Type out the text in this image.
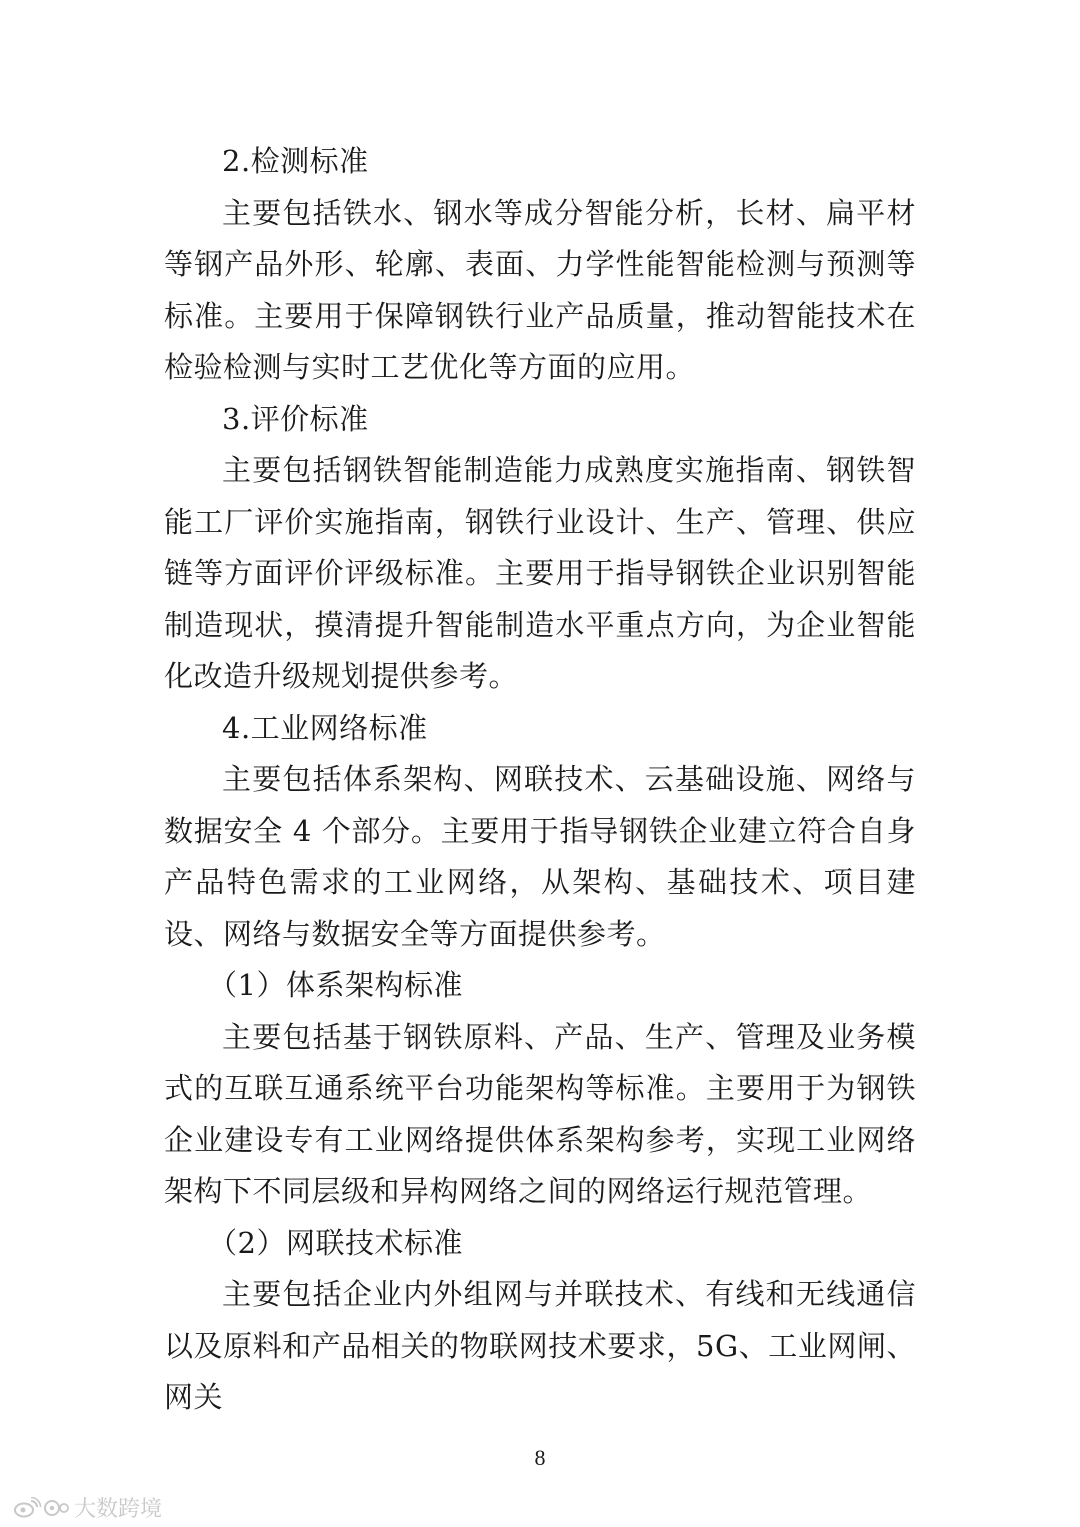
2.检测标准

主要包括铁水、钢水等成分智能分析，长材、扁平材等钢产品外形、轮廓、表面、力学性能智能检测与预测等标准。主要用于保障钢铁行业产品质量，推动智能技术在检验检测与实时工艺优化等方面的应用。

3.评价标准

主要包括钢铁智能制造能力成熟度实施指南、钢铁智能工厂评价实施指南，钢铁行业设计、生产、管理、供应链等方面评价评级标准。主要用于指导钢铁企业识别智能制造现状，摸清提升智能制造水平重点方向，为企业智能化改造升级规划提供参考。

4.工业网络标准

主要包括体系架构、网联技术、云基础设施、网络与数据安全 4 个部分。主要用于指导钢铁企业建立符合自身产品特色需求的工业网络，从架构、基础技术、项目建设、网络与数据安全等方面提供参考。

（1）体系架构标准

主要包括基于钢铁原料、产品、生产、管理及业务模式的互联互通系统平台功能架构等标准。主要用于为钢铁企业建设专有工业网络提供体系架构参考，实现工业网络架构下不同层级和异构网络之间的网络运行规范管理。

（2）网联技术标准

主要包括企业内外组网与并联技术、有线和无线通信以及原料和产品相关的物联网技术要求，5G、工业网闸、网关

8
大数跨境
